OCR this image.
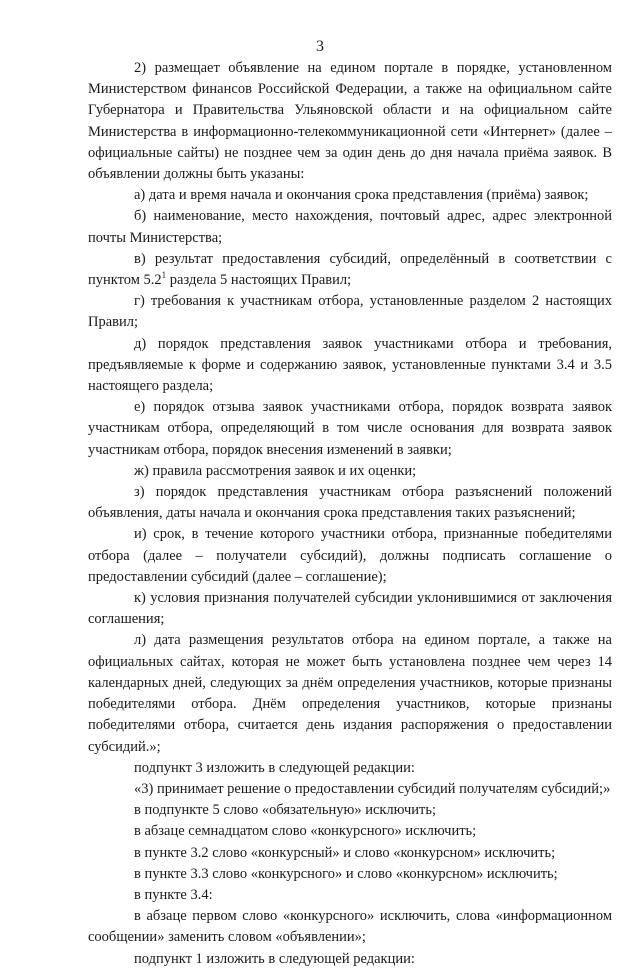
3

2) размещает объявление на едином портале в порядке, установленном Министерством финансов Российской Федерации, а также на официальном сайте Губернатора и Правительства Ульяновской области и на официальном сайте Министерства в информационно-телекоммуникационной сети «Интернет» (далее – официальные сайты) не позднее чем за один день до дня начала приёма заявок. В объявлении должны быть указаны:

а) дата и время начала и окончания срока представления (приёма) заявок;

б) наименование, место нахождения, почтовый адрес, адрес электронной почты Министерства;

в) результат предоставления субсидий, определённый в соответствии с пунктом $5.2^1$ раздела 5 настоящих Правил;

г) требования к участникам отбора, установленные разделом 2 настоящих Правил;

д) порядок представления заявок участниками отбора и требования, предъявляемые к форме и содержанию заявок, установленные пунктами 3.4 и 3.5 настоящего раздела;

е) порядок отзыва заявок участниками отбора, порядок возврата заявок участникам отбора, определяющий в том числе основания для возврата заявок участникам отбора, порядок внесения изменений в заявки;

ж) правила рассмотрения заявок и их оценки;

з) порядок представления участникам отбора разъяснений положений объявления, даты начала и окончания срока представления таких разъяснений;

и) срок, в течение которого участники отбора, признанные победителями отбора (далее – получатели субсидий), должны подписать соглашение о предоставлении субсидий (далее – соглашение);

к) условия признания получателей субсидии уклонившимися от заключения соглашения;

л) дата размещения результатов отбора на едином портале, а также на официальных сайтах, которая не может быть установлена позднее чем через 14 календарных дней, следующих за днём определения участников, которые признаны победителями отбора. Днём определения участников, которые признаны победителями отбора, считается день издания распоряжения о предоставлении субсидий.»;

подпункт 3 изложить в следующей редакции:

«3) принимает решение о предоставлении субсидий получателям субсидий;»

в подпункте 5 слово «обязательную» исключить;

в абзаце семнадцатом слово «конкурсного» исключить;

в пункте 3.2 слово «конкурсный» и слово «конкурсном» исключить;

в пункте 3.3 слово «конкурсного» и слово «конкурсном» исключить;

в пункте 3.4:

в абзаце первом слово «конкурсного» исключить, слова «информационном сообщении» заменить словом «объявлении»;

подпункт 1 изложить в следующей редакции:
